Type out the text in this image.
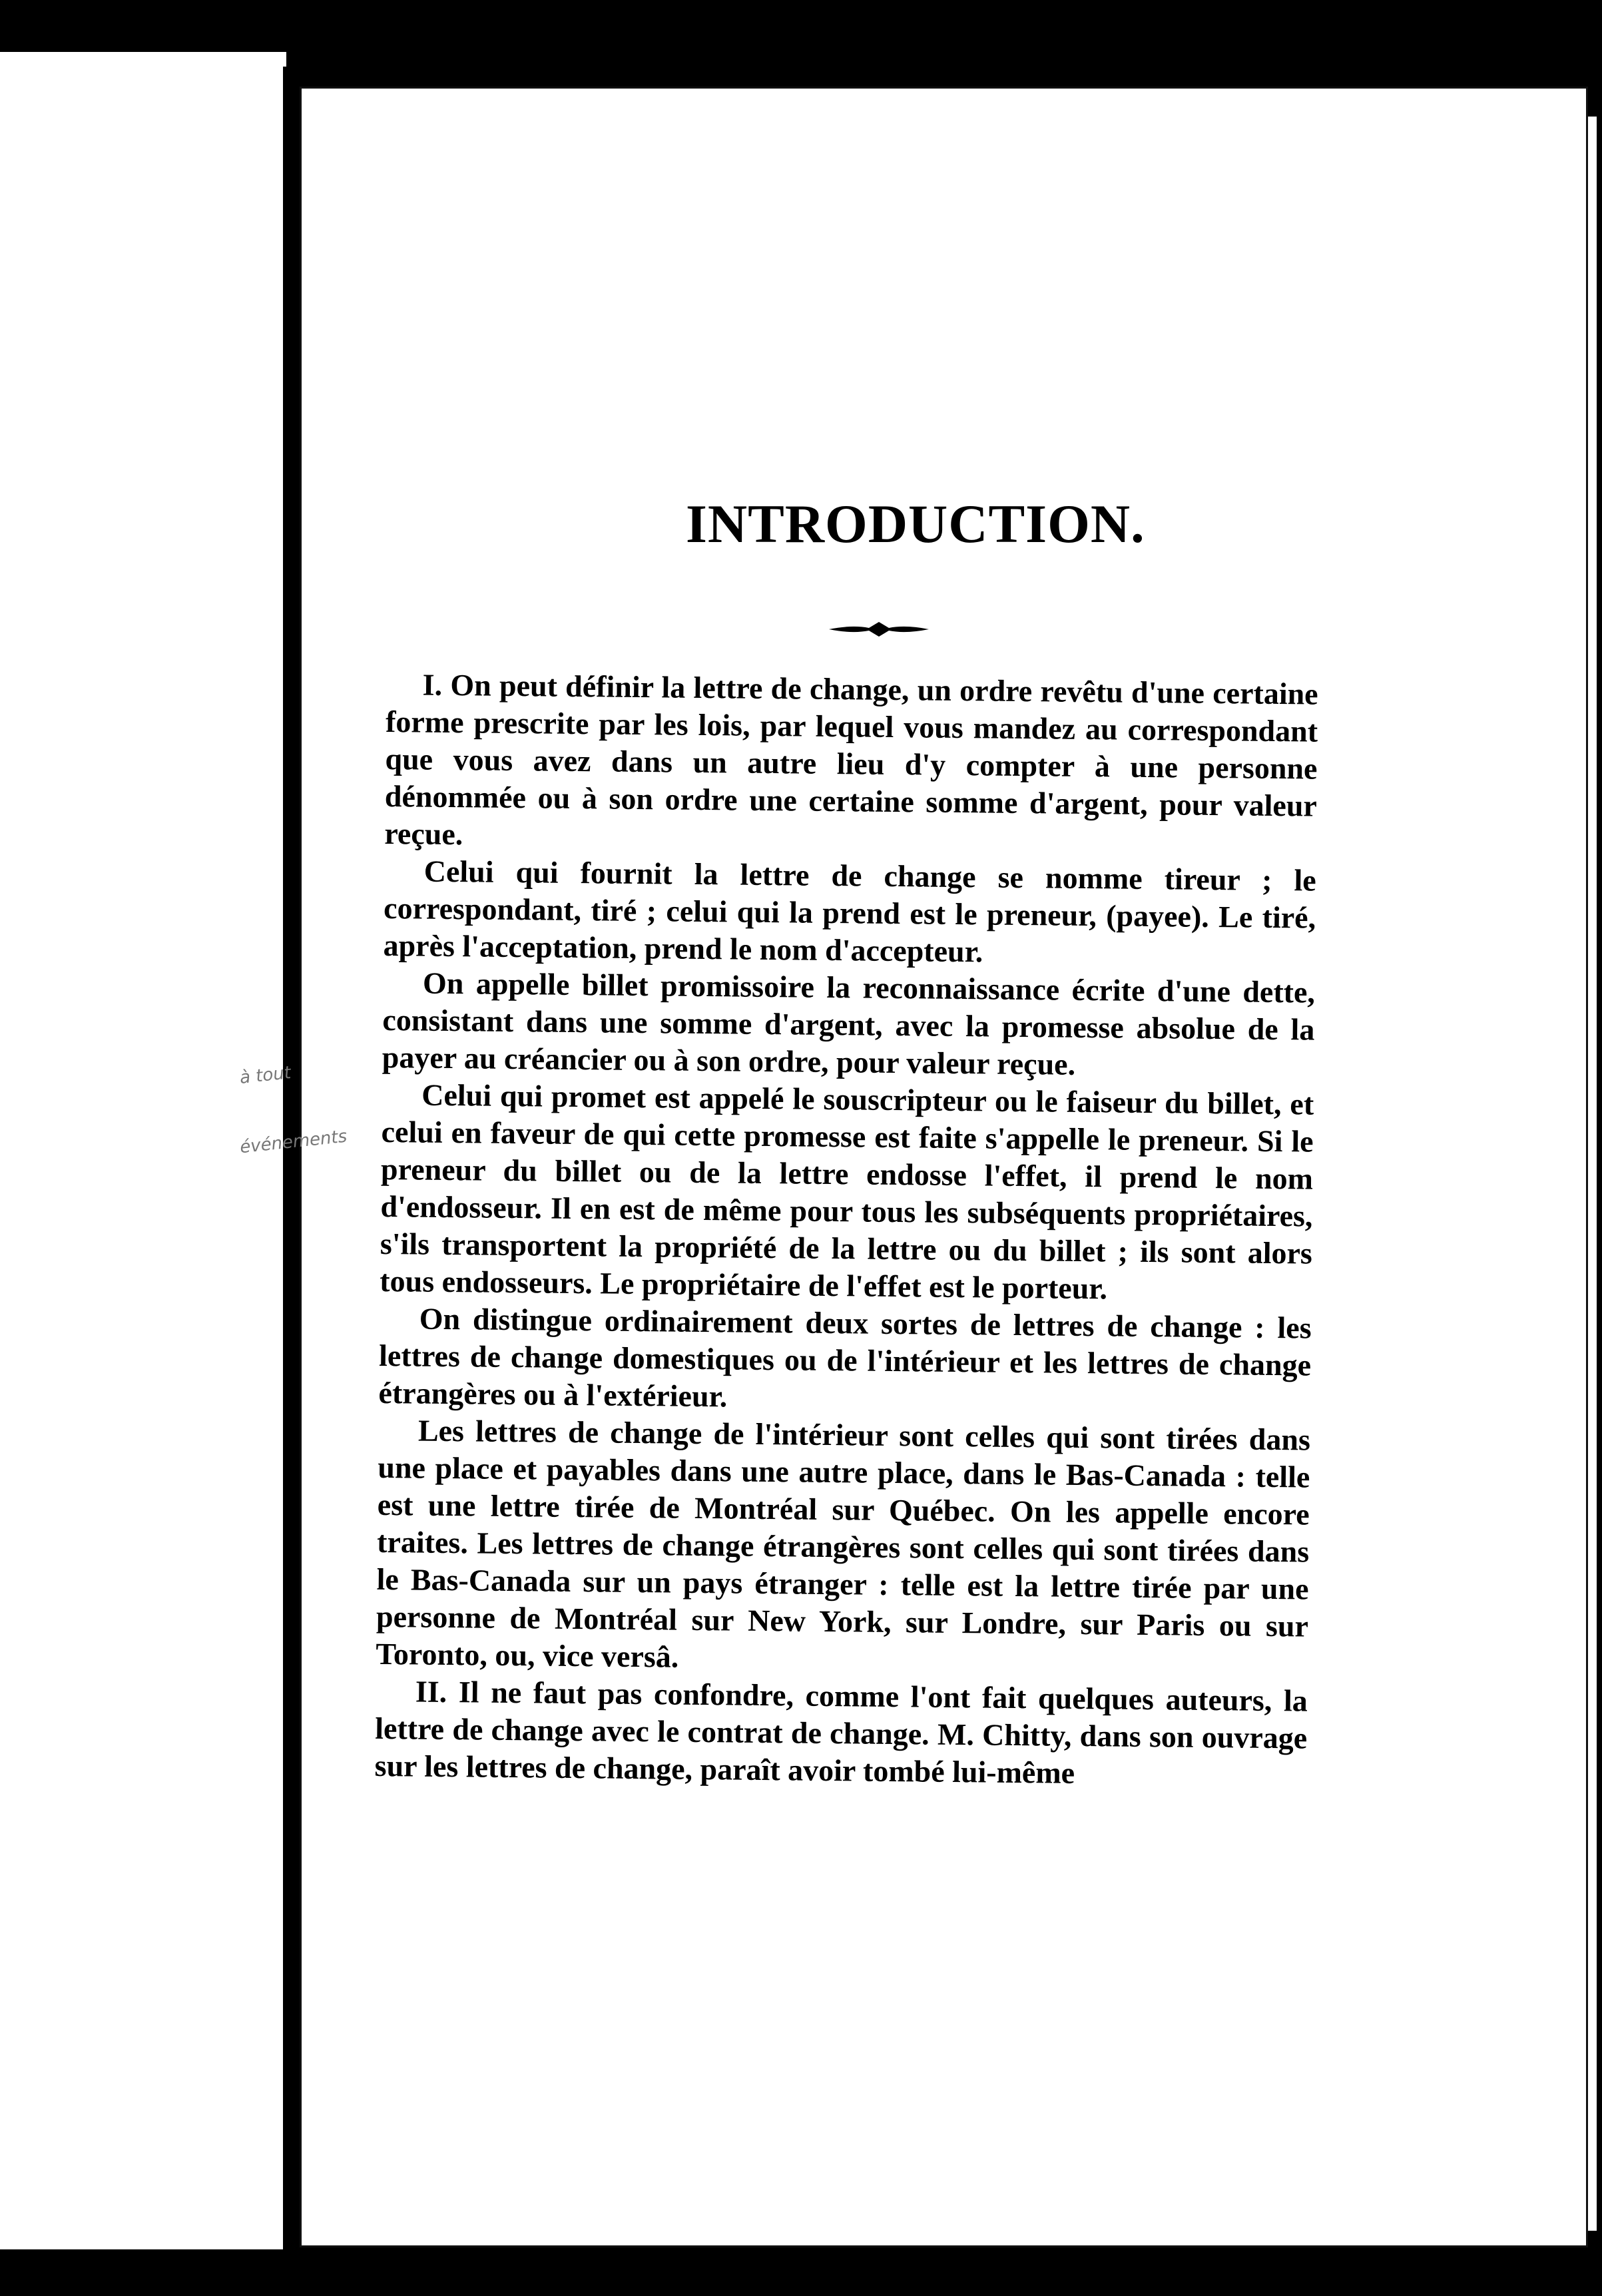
à tout
événements
INTRODUCTION.

I. On peut définir la lettre de change, un ordre revêtu d'une certaine forme prescrite par les lois, par lequel vous mandez au correspondant que vous avez dans un autre lieu d'y compter à une personne dénommée ou à son ordre une certaine somme d'argent, pour valeur reçue.

Celui qui fournit la lettre de change se nomme tireur ; le correspondant, tiré ; celui qui la prend est le preneur, (payee). Le tiré, après l'acceptation, prend le nom d'accepteur.

On appelle billet promissoire la reconnaissance écrite d'une dette, consistant dans une somme d'argent, avec la promesse absolue de la payer au créancier ou à son ordre, pour valeur reçue.

Celui qui promet est appelé le souscripteur ou le faiseur du billet, et celui en faveur de qui cette promesse est faite s'appelle le preneur. Si le preneur du billet ou de la lettre endosse l'effet, il prend le nom d'endosseur. Il en est de même pour tous les subséquents propriétaires, s'ils transportent la propriété de la lettre ou du billet ; ils sont alors tous endosseurs. Le propriétaire de l'effet est le porteur.

On distingue ordinairement deux sortes de lettres de change : les lettres de change domestiques ou de l'intérieur et les lettres de change étrangères ou à l'extérieur.

Les lettres de change de l'intérieur sont celles qui sont tirées dans une place et payables dans une autre place, dans le Bas-Canada : telle est une lettre tirée de Montréal sur Québec. On les appelle encore traites. Les lettres de change étrangères sont celles qui sont tirées dans le Bas-Canada sur un pays étranger : telle est la lettre tirée par une personne de Montréal sur New York, sur Londre, sur Paris ou sur Toronto, ou, vice versâ.

II. Il ne faut pas confondre, comme l'ont fait quelques auteurs, la lettre de change avec le contrat de change. M. Chitty, dans son ouvrage sur les lettres de change, paraît avoir tombé lui-même
